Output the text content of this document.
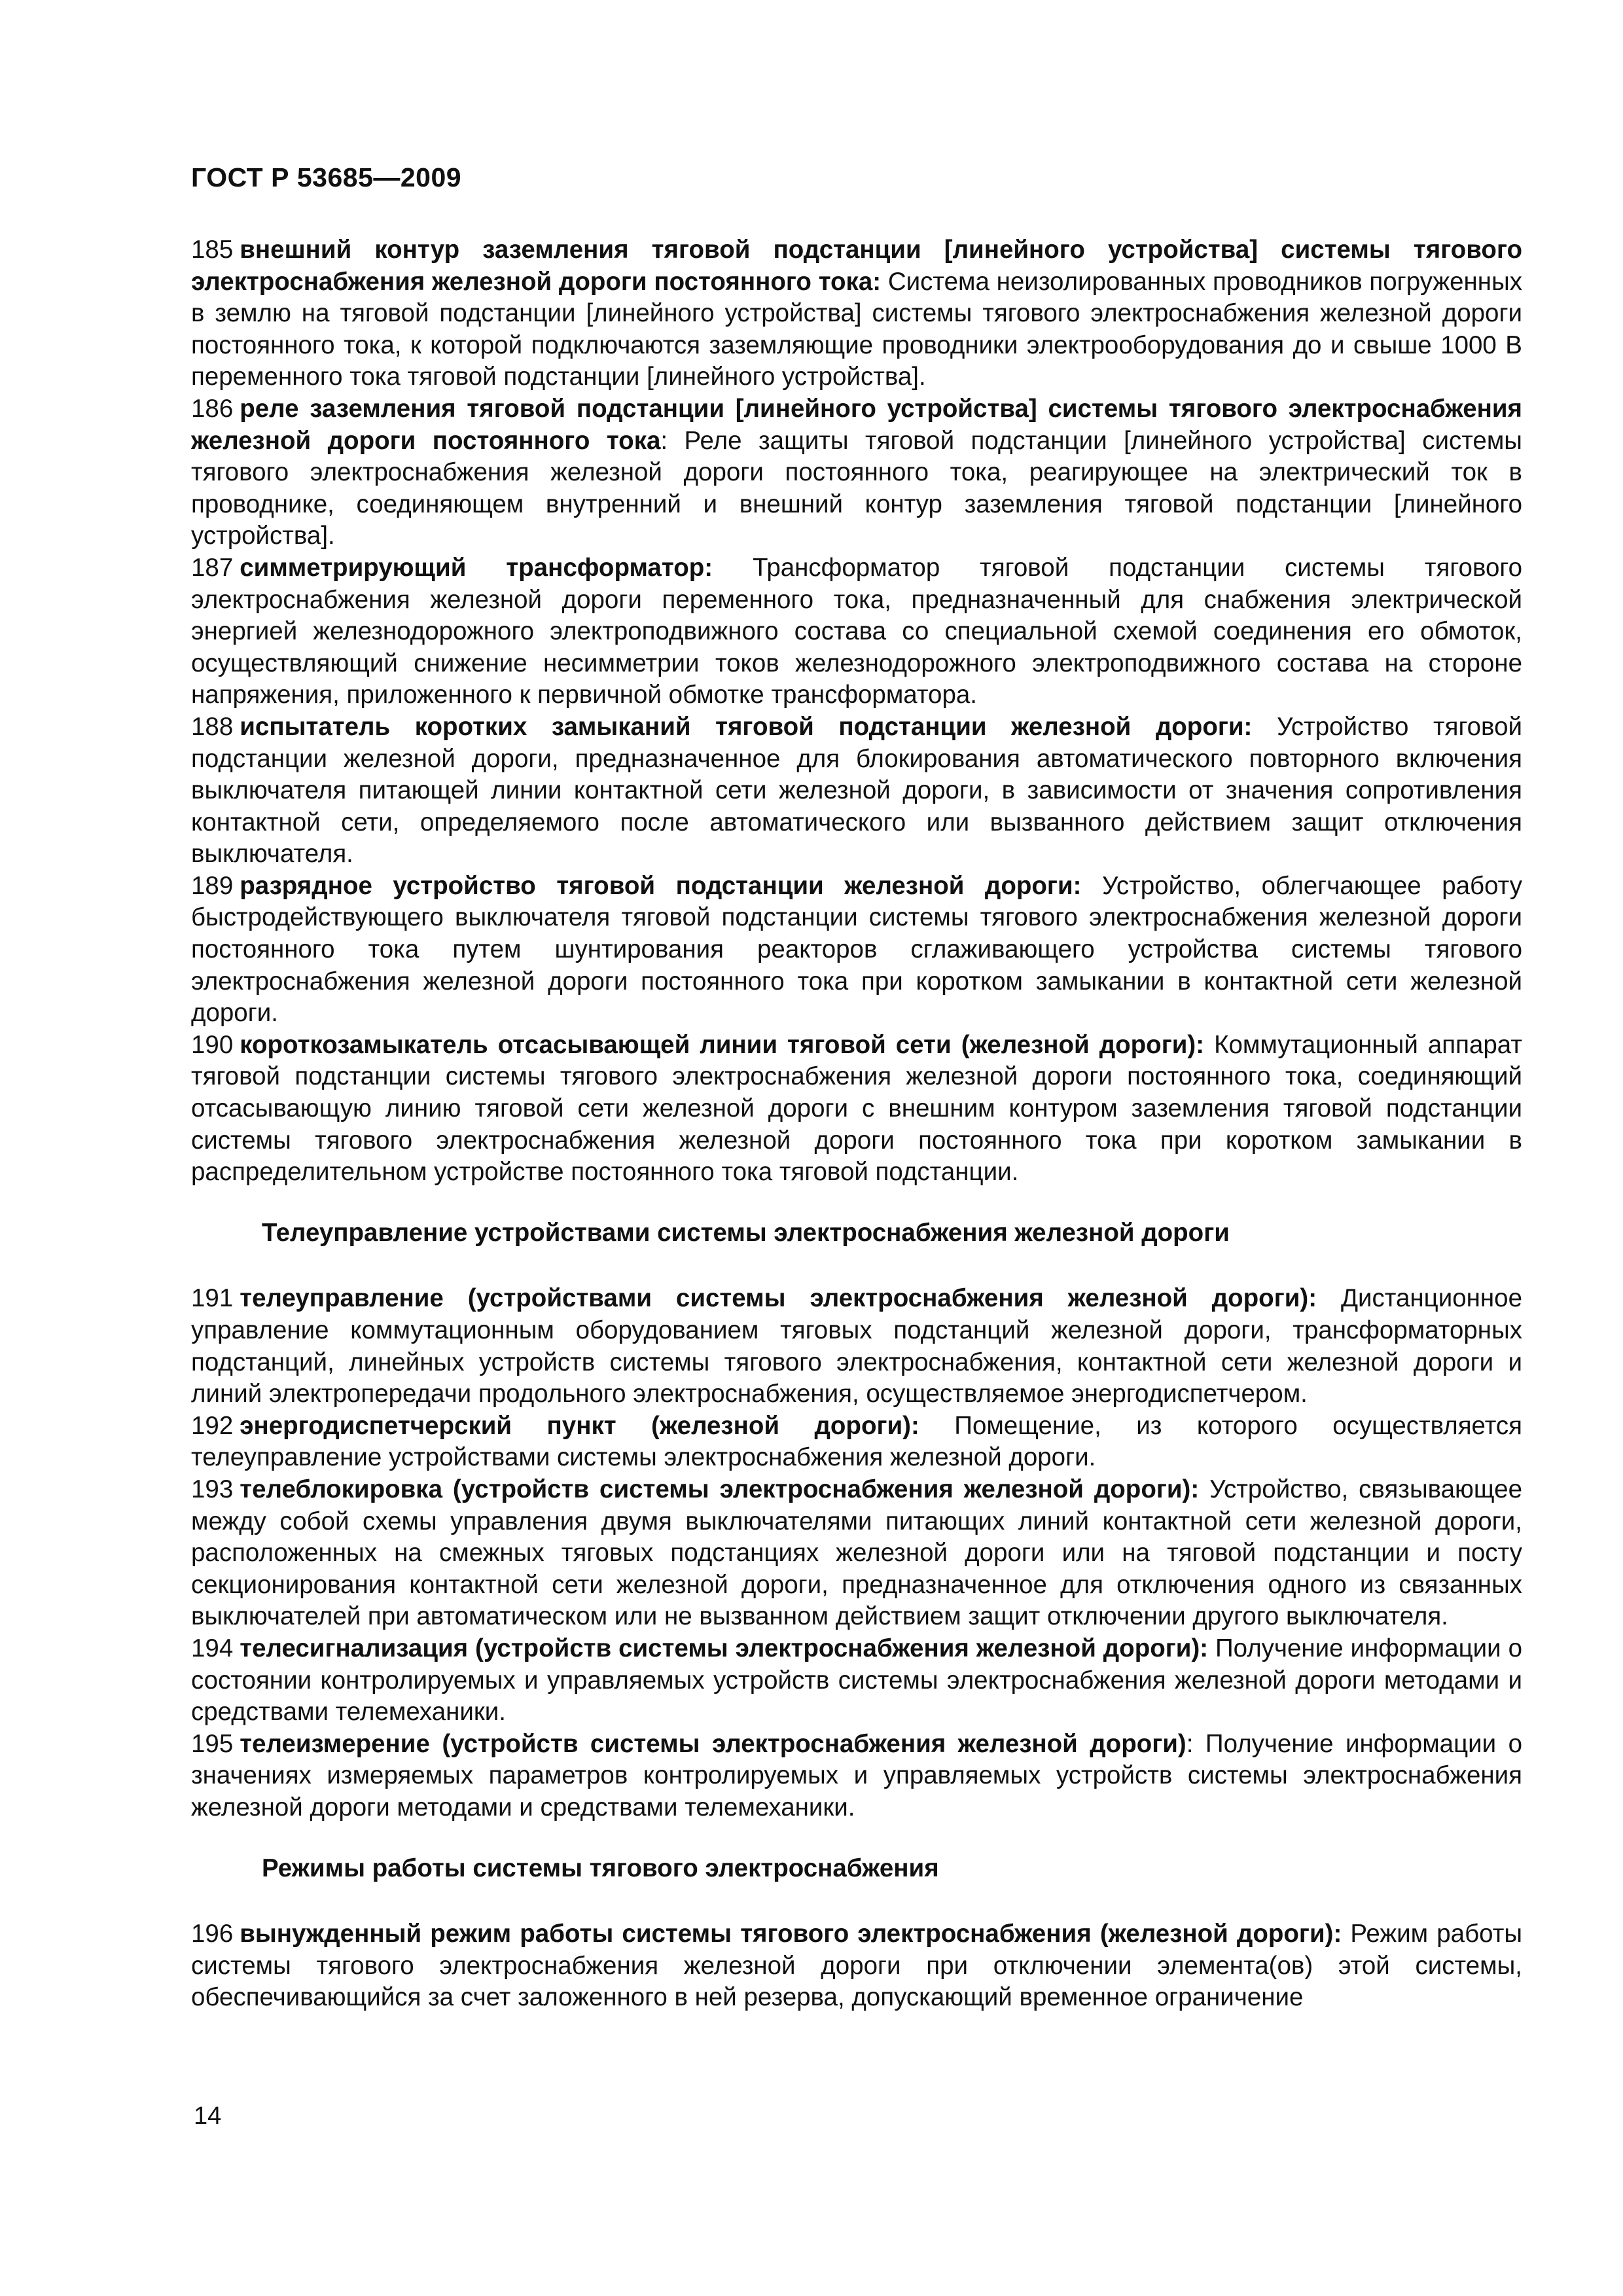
ГОСТ Р 53685—2009

185 внешний контур заземления тяговой подстанции [линейного устройства] системы тягового электроснабжения железной дороги постоянного тока: Система неизолированных проводников погруженных в землю на тяговой подстанции [линейного устройства] системы тягового электроснабжения железной дороги постоянного тока, к которой подключаются заземляющие проводники электрооборудования до и свыше 1000 В переменного тока тяговой подстанции [линейного устройства].

186 реле заземления тяговой подстанции [линейного устройства] системы тягового электроснабжения железной дороги постоянного тока: Реле защиты тяговой подстанции [линейного устройства] системы тягового электроснабжения железной дороги постоянного тока, реагирующее на электрический ток в проводнике, соединяющем внутренний и внешний контур заземления тяговой подстанции [линейного устройства].

187 симметрирующий трансформатор: Трансформатор тяговой подстанции системы тягового электроснабжения железной дороги переменного тока, предназначенный для снабжения электрической энергией железнодорожного электроподвижного состава со специальной схемой соединения его обмоток, осуществляющий снижение несимметрии токов железнодорожного электроподвижного состава на стороне напряжения, приложенного к первичной обмотке трансформатора.

188 испытатель коротких замыканий тяговой подстанции железной дороги: Устройство тяговой подстанции железной дороги, предназначенное для блокирования автоматического повторного включения выключателя питающей линии контактной сети железной дороги, в зависимости от значения сопротивления контактной сети, определяемого после автоматического или вызванного действием защит отключения выключателя.

189 разрядное устройство тяговой подстанции железной дороги: Устройство, облегчающее работу быстродействующего выключателя тяговой подстанции системы тягового электроснабжения железной дороги постоянного тока путем шунтирования реакторов сглаживающего устройства системы тягового электроснабжения железной дороги постоянного тока при коротком замыкании в контактной сети железной дороги.

190 короткозамыкатель отсасывающей линии тяговой сети (железной дороги): Коммутационный аппарат тяговой подстанции системы тягового электроснабжения железной дороги постоянного тока, соединяющий отсасывающую линию тяговой сети железной дороги с внешним контуром заземления тяговой подстанции системы тягового электроснабжения железной дороги постоянного тока при коротком замыкании в распределительном устройстве постоянного тока тяговой подстанции.

Телеуправление устройствами системы электроснабжения железной дороги

191 телеуправление (устройствами системы электроснабжения железной дороги): Дистанционное управление коммутационным оборудованием тяговых подстанций железной дороги, трансформаторных подстанций, линейных устройств системы тягового электроснабжения, контактной сети железной дороги и линий электропередачи продольного электроснабжения, осуществляемое энергодиспетчером.

192 энергодиспетчерский пункт (железной дороги): Помещение, из которого осуществляется телеуправление устройствами системы электроснабжения железной дороги.

193 телеблокировка (устройств системы электроснабжения железной дороги): Устройство, связывающее между собой схемы управления двумя выключателями питающих линий контактной сети железной дороги, расположенных на смежных тяговых подстанциях железной дороги или на тяговой подстанции и посту секционирования контактной сети железной дороги, предназначенное для отключения одного из связанных выключателей при автоматическом или не вызванном действием защит отключении другого выключателя.

194 телесигнализация (устройств системы электроснабжения железной дороги): Получение информации о состоянии контролируемых и управляемых устройств системы электроснабжения железной дороги методами и средствами телемеханики.

195 телеизмерение (устройств системы электроснабжения железной дороги): Получение информации о значениях измеряемых параметров контролируемых и управляемых устройств системы электроснабжения железной дороги методами и средствами телемеханики.

Режимы работы системы тягового электроснабжения

196 вынужденный режим работы системы тягового электроснабжения (железной дороги): Режим работы системы тягового электроснабжения железной дороги при отключении элемента(ов) этой системы, обеспечивающийся за счет заложенного в ней резерва, допускающий временное ограничение

14
